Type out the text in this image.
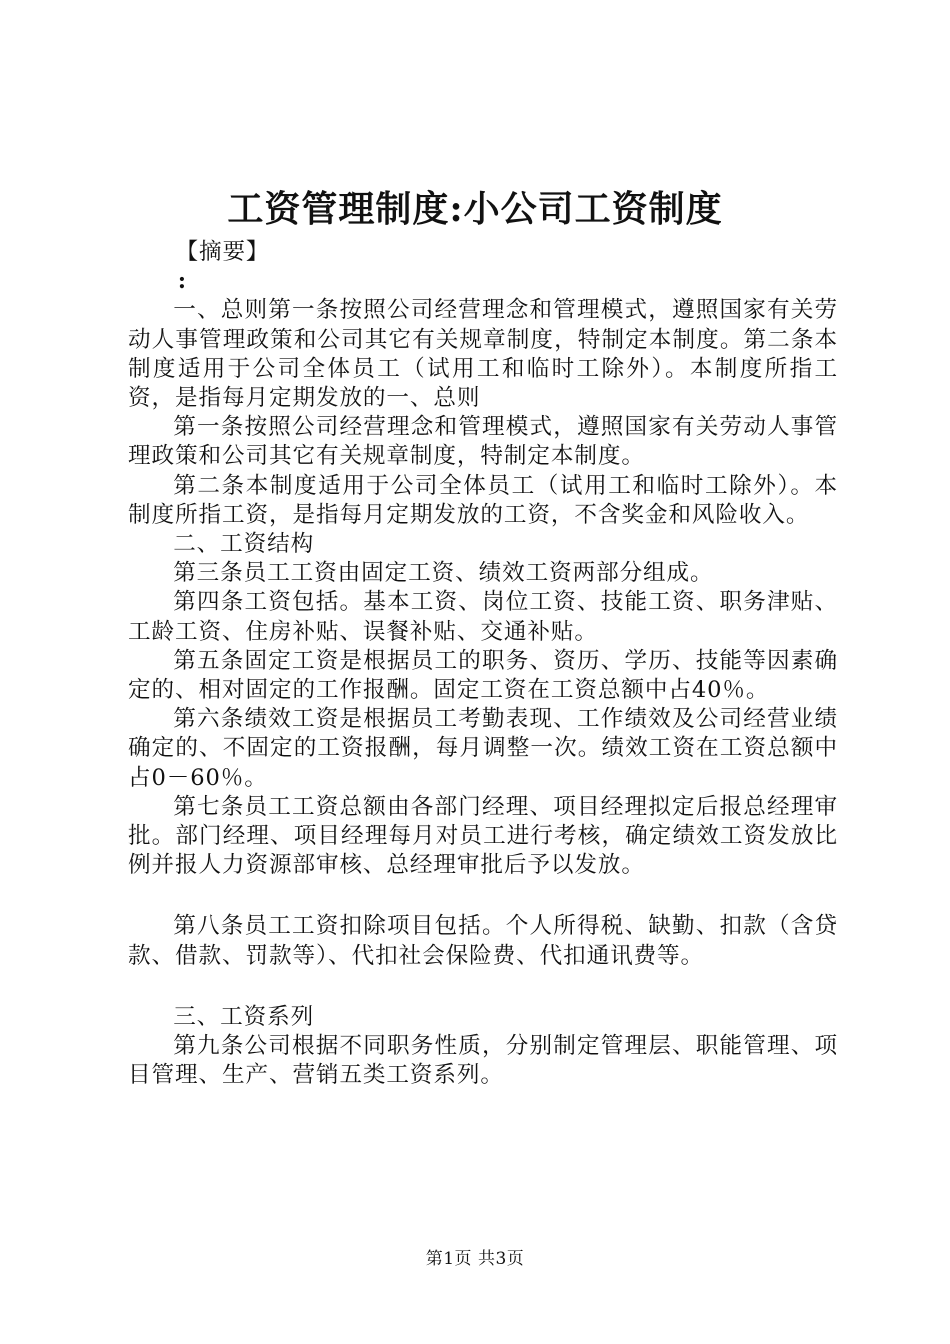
工资管理制度:小公司工资制度

【摘要】

:

一、总则第一条按照公司经营理念和管理模式，遵照国家有关劳动人事管理政策和公司其它有关规章制度，特制定本制度。第二条本制度适用于公司全体员工（试用工和临时工除外）。本制度所指工资，是指每月定期发放的一、总则

第一条按照公司经营理念和管理模式，遵照国家有关劳动人事管理政策和公司其它有关规章制度，特制定本制度。

第二条本制度适用于公司全体员工（试用工和临时工除外）。本制度所指工资，是指每月定期发放的工资，不含奖金和风险收入。

二、工资结构

第三条员工工资由固定工资、绩效工资两部分组成。

第四条工资包括。基本工资、岗位工资、技能工资、职务津贴、工龄工资、住房补贴、误餐补贴、交通补贴。

第五条固定工资是根据员工的职务、资历、学历、技能等因素确定的、相对固定的工作报酬。固定工资在工资总额中占40％。

第六条绩效工资是根据员工考勤表现、工作绩效及公司经营业绩确定的、不固定的工资报酬，每月调整一次。绩效工资在工资总额中占0－60％。

第七条员工工资总额由各部门经理、项目经理拟定后报总经理审批。部门经理、项目经理每月对员工进行考核，确定绩效工资发放比例并报人力资源部审核、总经理审批后予以发放。

第八条员工工资扣除项目包括。个人所得税、缺勤、扣款（含贷款、借款、罚款等）、代扣社会保险费、代扣通讯费等。

三、工资系列

第九条公司根据不同职务性质，分别制定管理层、职能管理、项目管理、生产、营销五类工资系列。

第1页 共3页
